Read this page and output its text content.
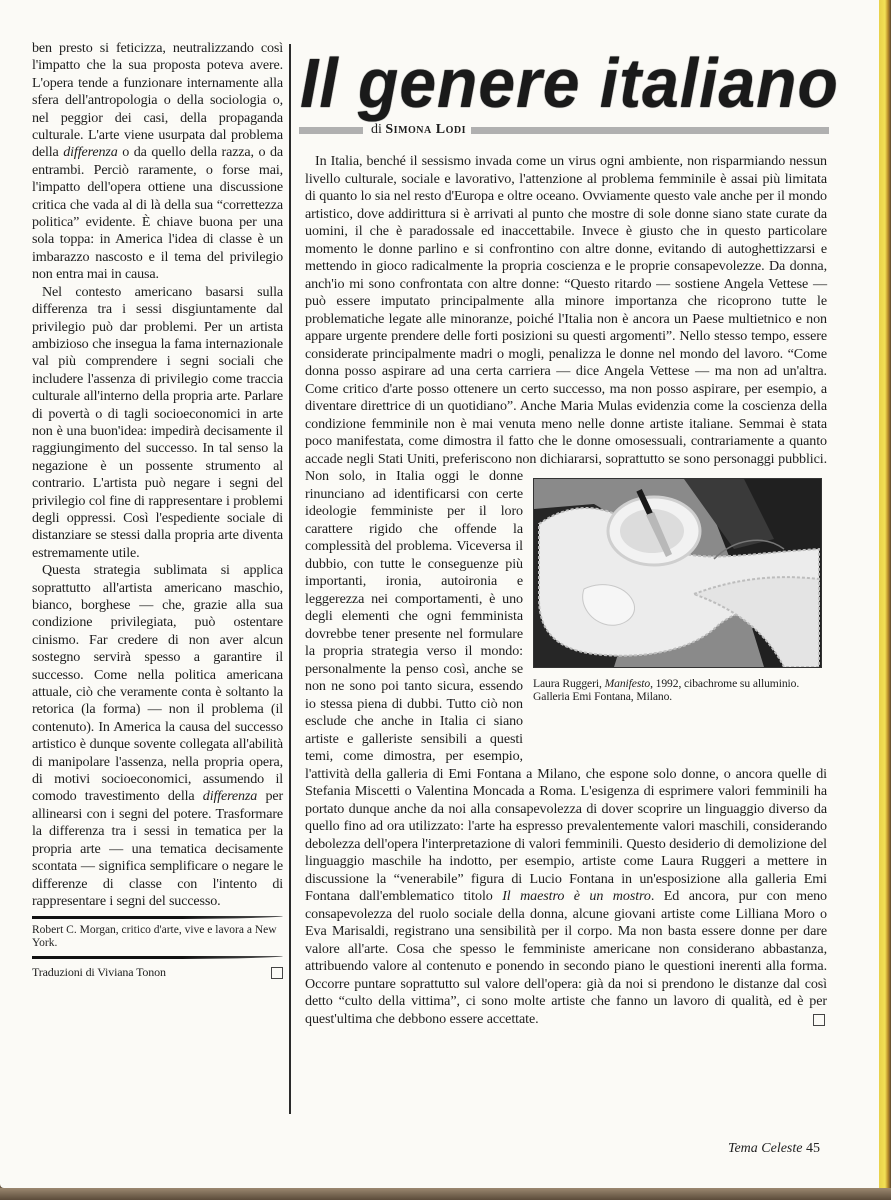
ben presto si feticizza, neutralizzando così l'impatto che la sua proposta poteva avere. L'opera tende a funzionare internamente alla sfera dell'antropologia o della sociologia o, nel peggior dei casi, della propaganda culturale. L'arte viene usurpata dal problema della differenza o da quello della razza, o da entrambi. Perciò raramente, o forse mai, l'impatto dell'opera ottiene una discussione critica che vada al di là della sua “correttezza politica” evidente. È chiave buona per una sola toppa: in America l'idea di classe è un imbarazzo nascosto e il tema del privilegio non entra mai in causa.

Nel contesto americano basarsi sulla differenza tra i sessi disgiuntamente dal privilegio può dar problemi. Per un artista ambizioso che insegua la fama internazionale val più comprendere i segni sociali che includere l'assenza di privilegio come traccia culturale all'interno della propria arte. Parlare di povertà o di tagli socioeconomici in arte non è una buon'idea: impedirà decisamente il raggiungimento del successo. In tal senso la negazione è un possente strumento al contrario. L'artista può negare i segni del privilegio col fine di rappresentare i problemi degli oppressi. Così l'espediente sociale di distanziare se stessi dalla propria arte diventa estremamente utile.

Questa strategia sublimata si applica soprattutto all'artista americano maschio, bianco, borghese — che, grazie alla sua condizione privilegiata, può ostentare cinismo. Far credere di non aver alcun sostegno servirà spesso a garantire il successo. Come nella politica americana attuale, ciò che veramente conta è soltanto la retorica (la forma) — non il problema (il contenuto). In America la causa del successo artistico è dunque sovente collegata all'abilità di manipolare l'assenza, nella propria opera, di motivi socioeconomici, assumendo il comodo travestimento della differenza per allinearsi con i segni del potere. Trasformare la differenza tra i sessi in tematica per la propria arte — una tematica decisamente scontata — significa semplificare o negare le differenze di classe con l'intento di rappresentare i segni del successo.

Robert C. Morgan, critico d'arte, vive e lavora a New York.
Traduzioni di Viviana Tonon
Il genere italiano
di Simona Lodi
Laura Ruggeri, Manifesto, 1992, cibachrome su alluminio. Galleria Emi Fontana, Milano.

In Italia, benché il sessismo invada come un virus ogni ambiente, non risparmiando nessun livello culturale, sociale e lavorativo, l'attenzione al problema femminile è assai più limitata di quanto lo sia nel resto d'Europa e oltre oceano. Ovviamente questo vale anche per il mondo artistico, dove addirittura si è arrivati al punto che mostre di sole donne siano state curate da uomini, il che è paradossale ed inaccettabile. Invece è giusto che in questo particolare momento le donne parlino e si confrontino con altre donne, evitando di autoghettizzarsi e mettendo in gioco radicalmente la propria coscienza e le proprie consapevolezze. Da donna, anch'io mi sono confrontata con altre donne: “Questo ritardo — sostiene Angela Vettese — può essere imputato principalmente alla minore importanza che ricoprono tutte le problematiche legate alle minoranze, poiché l'Italia non è ancora un Paese multietnico e non appare urgente prendere delle forti posizioni su questi argomenti”. Nello stesso tempo, essere considerate principalmente madri o mogli, penalizza le donne nel mondo del lavoro. “Come donna posso aspirare ad una certa carriera — dice Angela Vettese — ma non ad un'altra. Come critico d'arte posso ottenere un certo successo, ma non posso aspirare, per esempio, a diventare direttrice di un quotidiano”. Anche Maria Mulas evidenzia come la coscienza della condizione femminile non è mai venuta meno nelle donne artiste italiane. Semmai è stata poco manifestata, come dimostra il fatto che le donne omosessuali, contrariamente a quanto accade negli Stati Uniti, preferiscono non dichiararsi, soprattutto se sono personaggi pubblici. Non solo, in Italia oggi le donne rinunciano ad identificarsi con certe ideologie femministe per il loro carattere rigido che offende la complessità del problema. Viceversa il dubbio, con tutte le conseguenze più importanti, ironia, autoironia e leggerezza nei comportamenti, è uno degli elementi che ogni femminista dovrebbe tener presente nel formulare la propria strategia verso il mondo: personalmente la penso così, anche se non ne sono poi tanto sicura, essendo io stessa piena di dubbi. Tutto ciò non esclude che anche in Italia ci siano artiste e galleriste sensibili a questi temi, come dimostra, per esempio, l'attività della galleria di Emi Fontana a Milano, che espone solo donne, o ancora quelle di Stefania Miscetti o Valentina Moncada a Roma. L'esigenza di esprimere valori femminili ha portato dunque anche da noi alla consapevolezza di dover scoprire un linguaggio diverso da quello fino ad ora utilizzato: l'arte ha espresso prevalentemente valori maschili, considerando debolezza dell'opera l'interpretazione di valori femminili. Questo desiderio di demolizione del linguaggio maschile ha indotto, per esempio, artiste come Laura Ruggeri a mettere in discussione la “venerabile” figura di Lucio Fontana in un'esposizione alla galleria Emi Fontana dall'emblematico titolo Il maestro è un mostro. Ed ancora, pur con meno consapevolezza del ruolo sociale della donna, alcune giovani artiste come Lilliana Moro o Eva Marisaldi, registrano una sensibilità per il corpo. Ma non basta essere donne per dare valore all'arte. Cosa che spesso le femministe americane non considerano abbastanza, attribuendo valore al contenuto e ponendo in secondo piano le questioni inerenti alla forma. Occorre puntare soprattutto sul valore dell'opera: già da noi si prendono le distanze dal così detto “culto della vittima”, ci sono molte artiste che fanno un lavoro di qualità, ed è per quest'ultima che debbono essere accettate.

Tema Celeste 45
